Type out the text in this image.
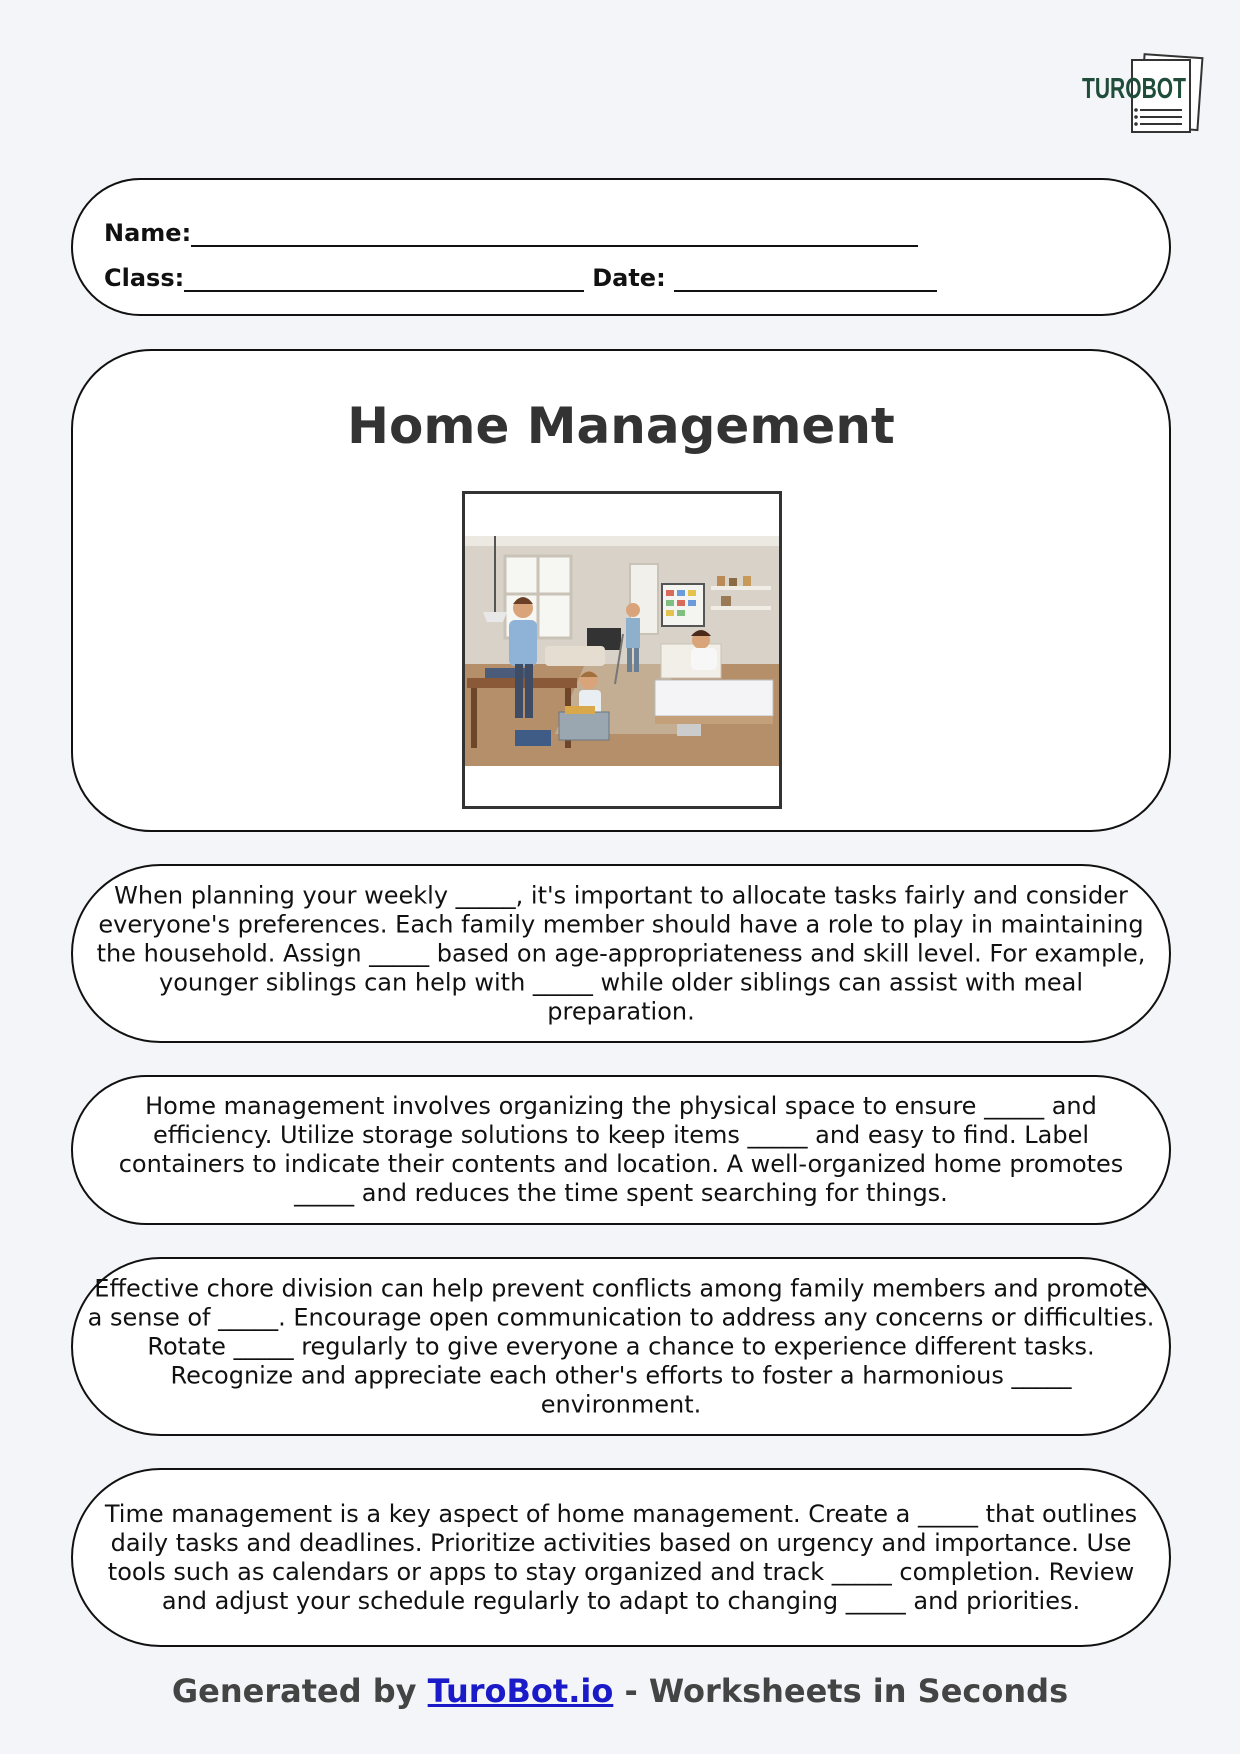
TUROBOT
Name:
Class:	Date:
Home Management
When planning your weekly _____, it's important to allocate tasks fairly and consider everyone's preferences. Each family member should have a role to play in maintaining the household. Assign _____ based on age-appropriateness and skill level. For example, younger siblings can help with _____ while older siblings can assist with meal preparation.
Home management involves organizing the physical space to ensure _____ and efficiency. Utilize storage solutions to keep items _____ and easy to find. Label containers to indicate their contents and location. A well-organized home promotes _____ and reduces the time spent searching for things.
Effective chore division can help prevent conflicts among family members and promote a sense of _____. Encourage open communication to address any concerns or difficulties. Rotate _____ regularly to give everyone a chance to experience different tasks. Recognize and appreciate each other's efforts to foster a harmonious _____ environment.
Time management is a key aspect of home management. Create a _____ that outlines daily tasks and deadlines. Prioritize activities based on urgency and importance. Use tools such as calendars or apps to stay organized and track _____ completion. Review and adjust your schedule regularly to adapt to changing _____ and priorities.
Generated by TuroBot.io - Worksheets in Seconds
